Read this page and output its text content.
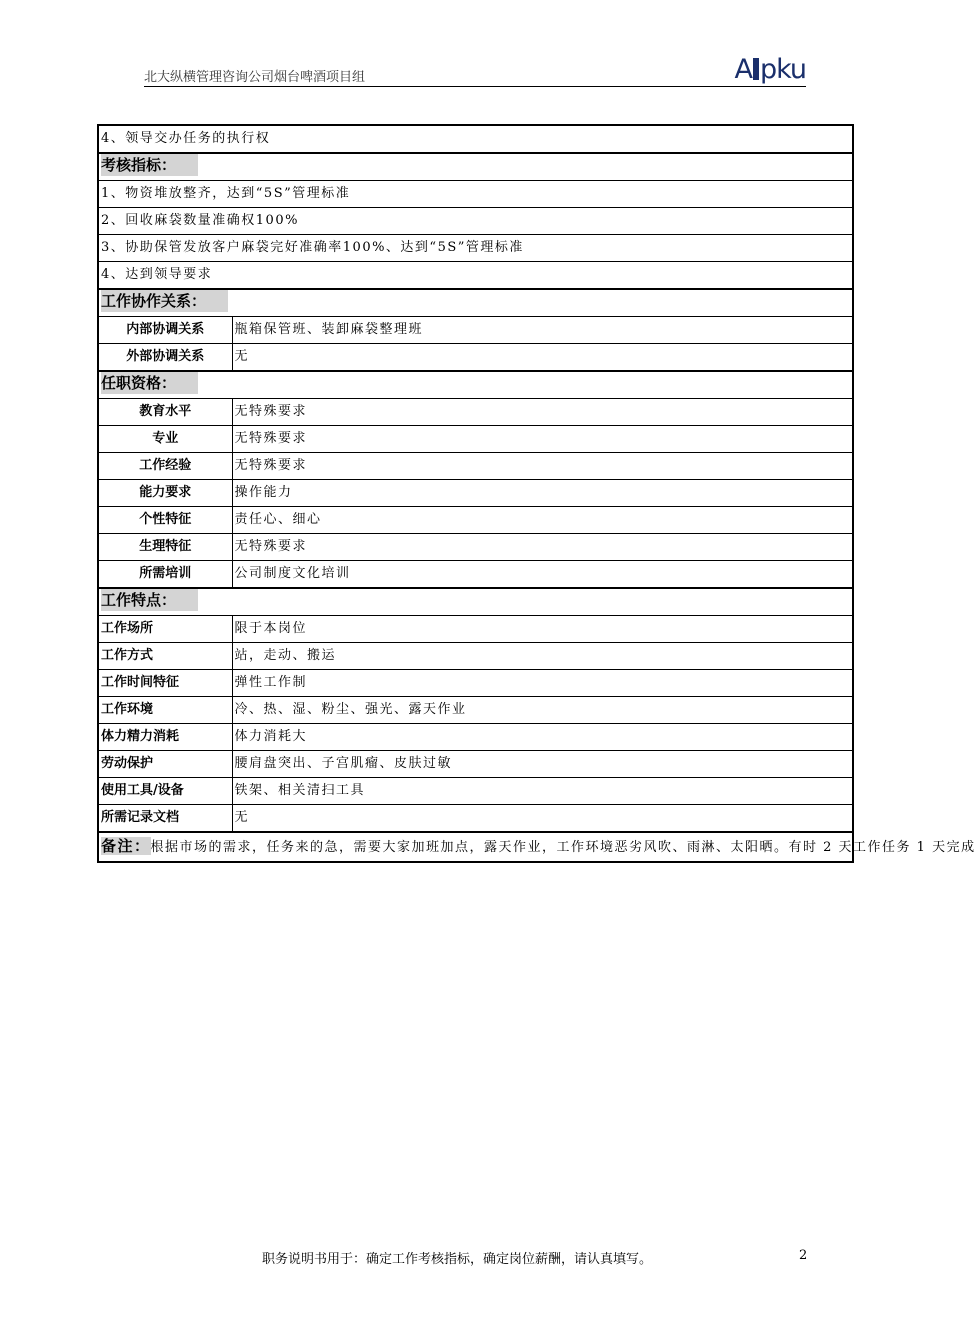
北大纵横管理咨询公司烟台啤酒项目组	A pku
4、领导交办任务的执行权	
考核指标：	
1、物资堆放整齐，达到“5S”管理标准	
2、回收麻袋数量准确权100%	
3、协助保管发放客户麻袋完好准确率100%、达到“5S”管理标准	
4、达到领导要求	
工作协作关系：	
内部协调关系	瓶箱保管班、装卸麻袋整理班
外部协调关系	无
任职资格：	
教育水平	无特殊要求
专业	无特殊要求
工作经验	无特殊要求
能力要求	操作能力
个性特征	责任心、细心
生理特征	无特殊要求
所需培训	公司制度文化培训
工作特点：	
工作场所	限于本岗位
工作方式	站，走动、搬运
工作时间特征	弹性工作制
工作环境	冷、热、湿、粉尘、强光、露天作业
体力精力消耗	体力消耗大
劳动保护	腰肩盘突出、子宫肌瘤、皮肤过敏
使用工具/设备	铁架、相关清扫工具
所需记录文档	无
备注：根据市场的需求，任务来的急，需要大家加班加点，露天作业，工作环境恶劣风吹、雨淋、太阳晒。有时 2 天工作任务 1 天完成	
职务说明书用于：确定工作考核指标，确定岗位薪酬，请认真填写。	2
